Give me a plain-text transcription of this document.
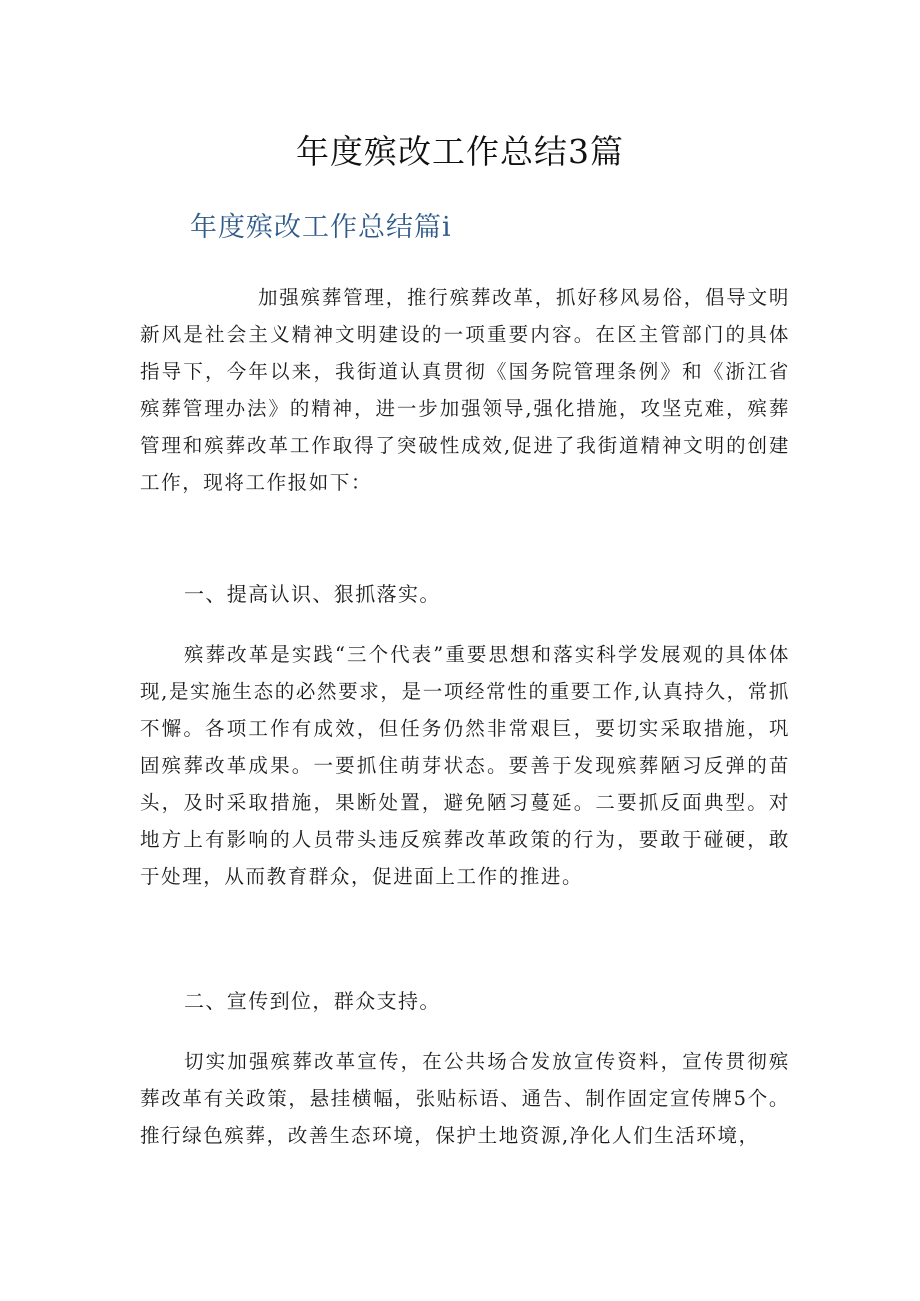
年度殡改工作总结3篇
年度殡改工作总结篇i

加强殡葬管理，推行殡葬改革，抓好移风易俗，倡导文明新风是社会主义精神文明建设的一项重要内容。在区主管部门的具体指导下，今年以来，我街道认真贯彻《国务院管理条例》和《浙江省殡葬管理办法》的精神，进一步加强领导,强化措施，攻坚克难，殡葬管理和殡葬改革工作取得了突破性成效,促进了我街道精神文明的创建工作，现将工作报如下：

一、提高认识、狠抓落实。

殡葬改革是实践“三个代表”重要思想和落实科学发展观的具体体现,是实施生态的必然要求，是一项经常性的重要工作,认真持久，常抓不懈。各项工作有成效，但任务仍然非常艰巨，要切实采取措施，巩固殡葬改革成果。一要抓住萌芽状态。要善于发现殡葬陋习反弹的苗头，及时采取措施，果断处置，避免陋习蔓延。二要抓反面典型。对地方上有影响的人员带头违反殡葬改革政策的行为，要敢于碰硬，敢于处理，从而教育群众，促进面上工作的推进。

二、宣传到位，群众支持。

切实加强殡葬改革宣传，在公共场合发放宣传资料，宣传贯彻殡葬改革有关政策，悬挂横幅，张贴标语、通告、制作固定宣传牌5个。推行绿色殡葬，改善生态环境，保护土地资源,净化人们生活环境，
